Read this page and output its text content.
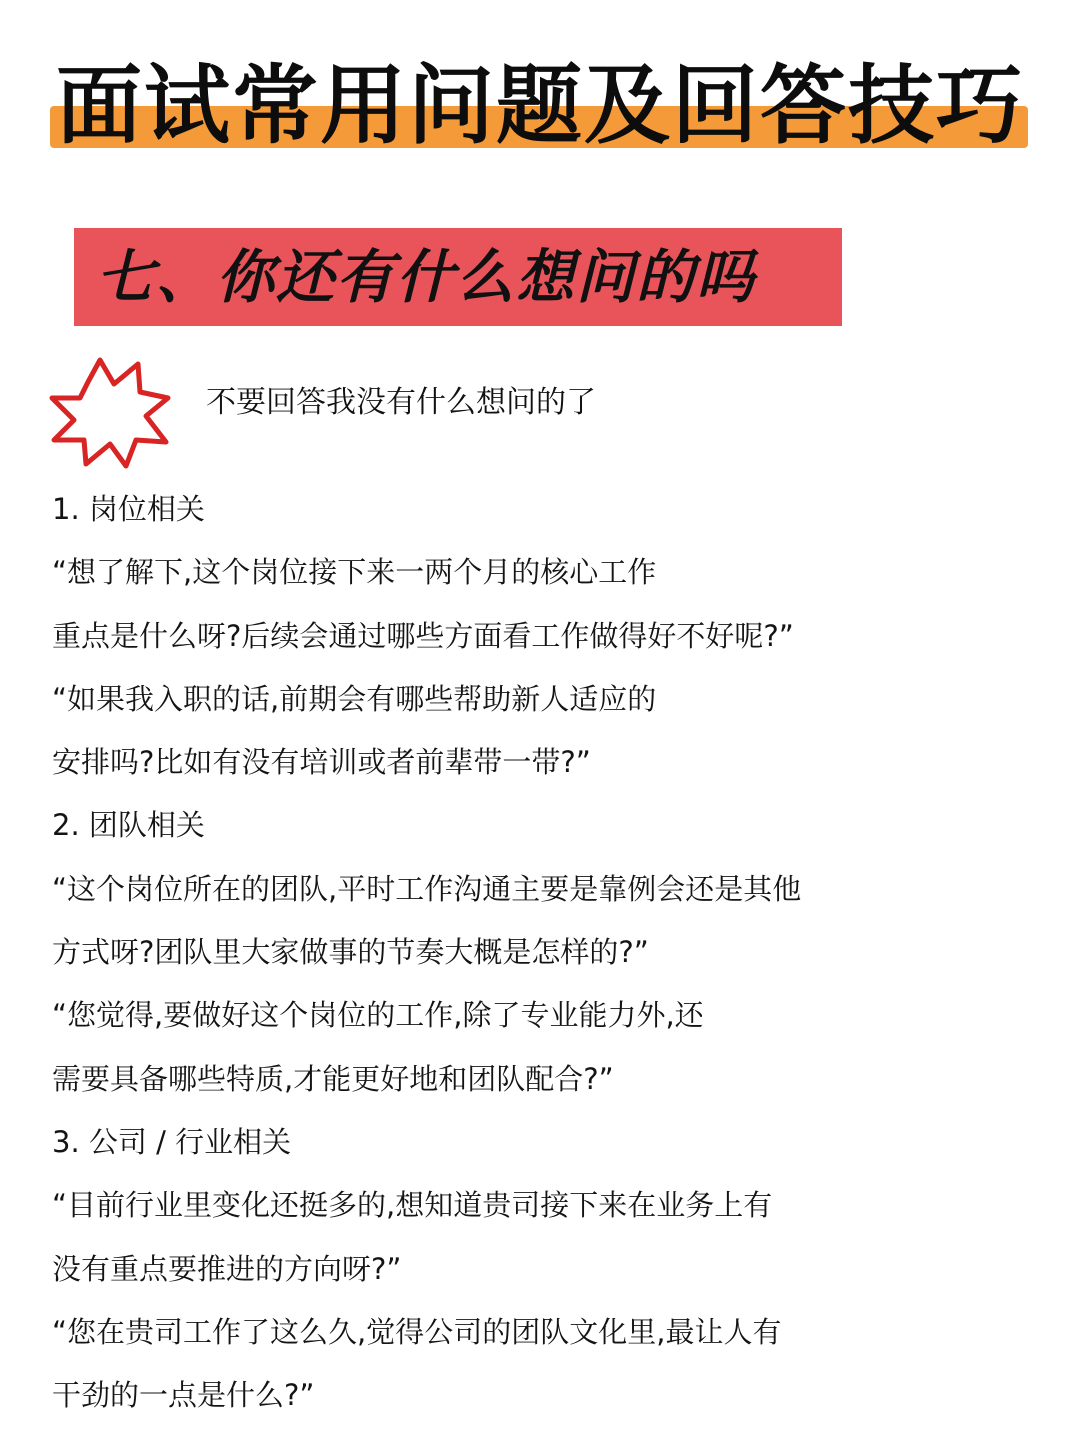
面试常用问题及回答技巧
七、你还有什么想问的吗
不要回答我没有什么想问的了
1. 岗位相关
“想了解下,这个岗位接下来一两个月的核心工作
重点是什么呀?后续会通过哪些方面看工作做得好不好呢?”
“如果我入职的话,前期会有哪些帮助新人适应的
安排吗?比如有没有培训或者前辈带一带?”
2. 团队相关
“这个岗位所在的团队,平时工作沟通主要是靠例会还是其他
方式呀?团队里大家做事的节奏大概是怎样的?”
“您觉得,要做好这个岗位的工作,除了专业能力外,还
需要具备哪些特质,才能更好地和团队配合?”
3. 公司 / 行业相关
“目前行业里变化还挺多的,想知道贵司接下来在业务上有
没有重点要推进的方向呀?”
“您在贵司工作了这么久,觉得公司的团队文化里,最让人有
干劲的一点是什么?”
